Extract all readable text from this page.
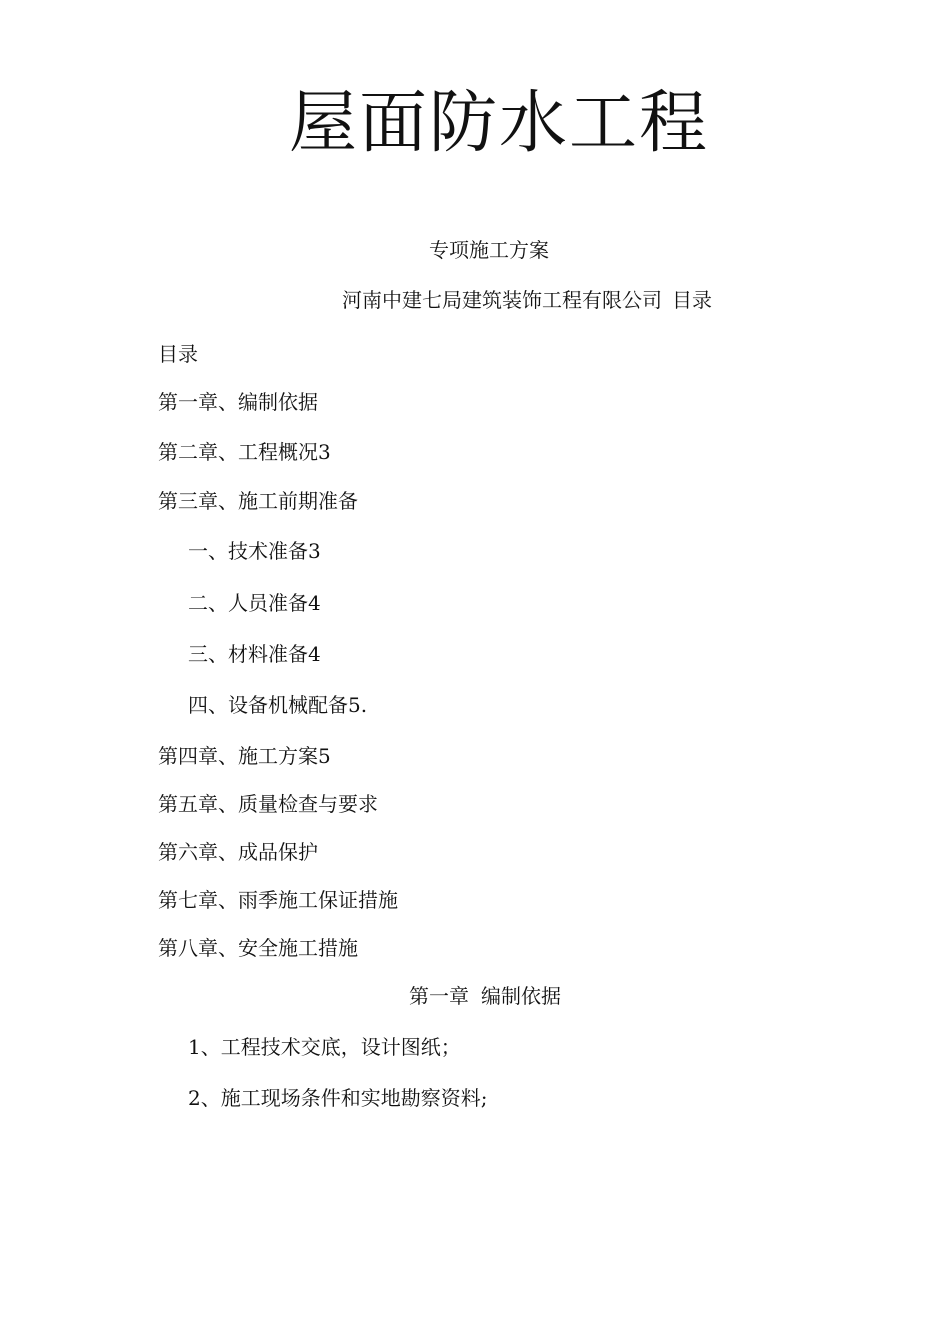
屋面防水工程
专项施工方案
河南中建七局建筑装饰工程有限公司 目录
目录
第一章、编制依据
第二章、工程概况3
第三章、施工前期准备
一、技术准备3
二、人员准备4
三、材料准备4
四、设备机械配备5.
第四章、施工方案5
第五章、质量检查与要求
第六章、成品保护
第七章、雨季施工保证措施
第八章、安全施工措施
第一章 编制依据
1、工程技术交底，设计图纸；
2、施工现场条件和实地勘察资料;
